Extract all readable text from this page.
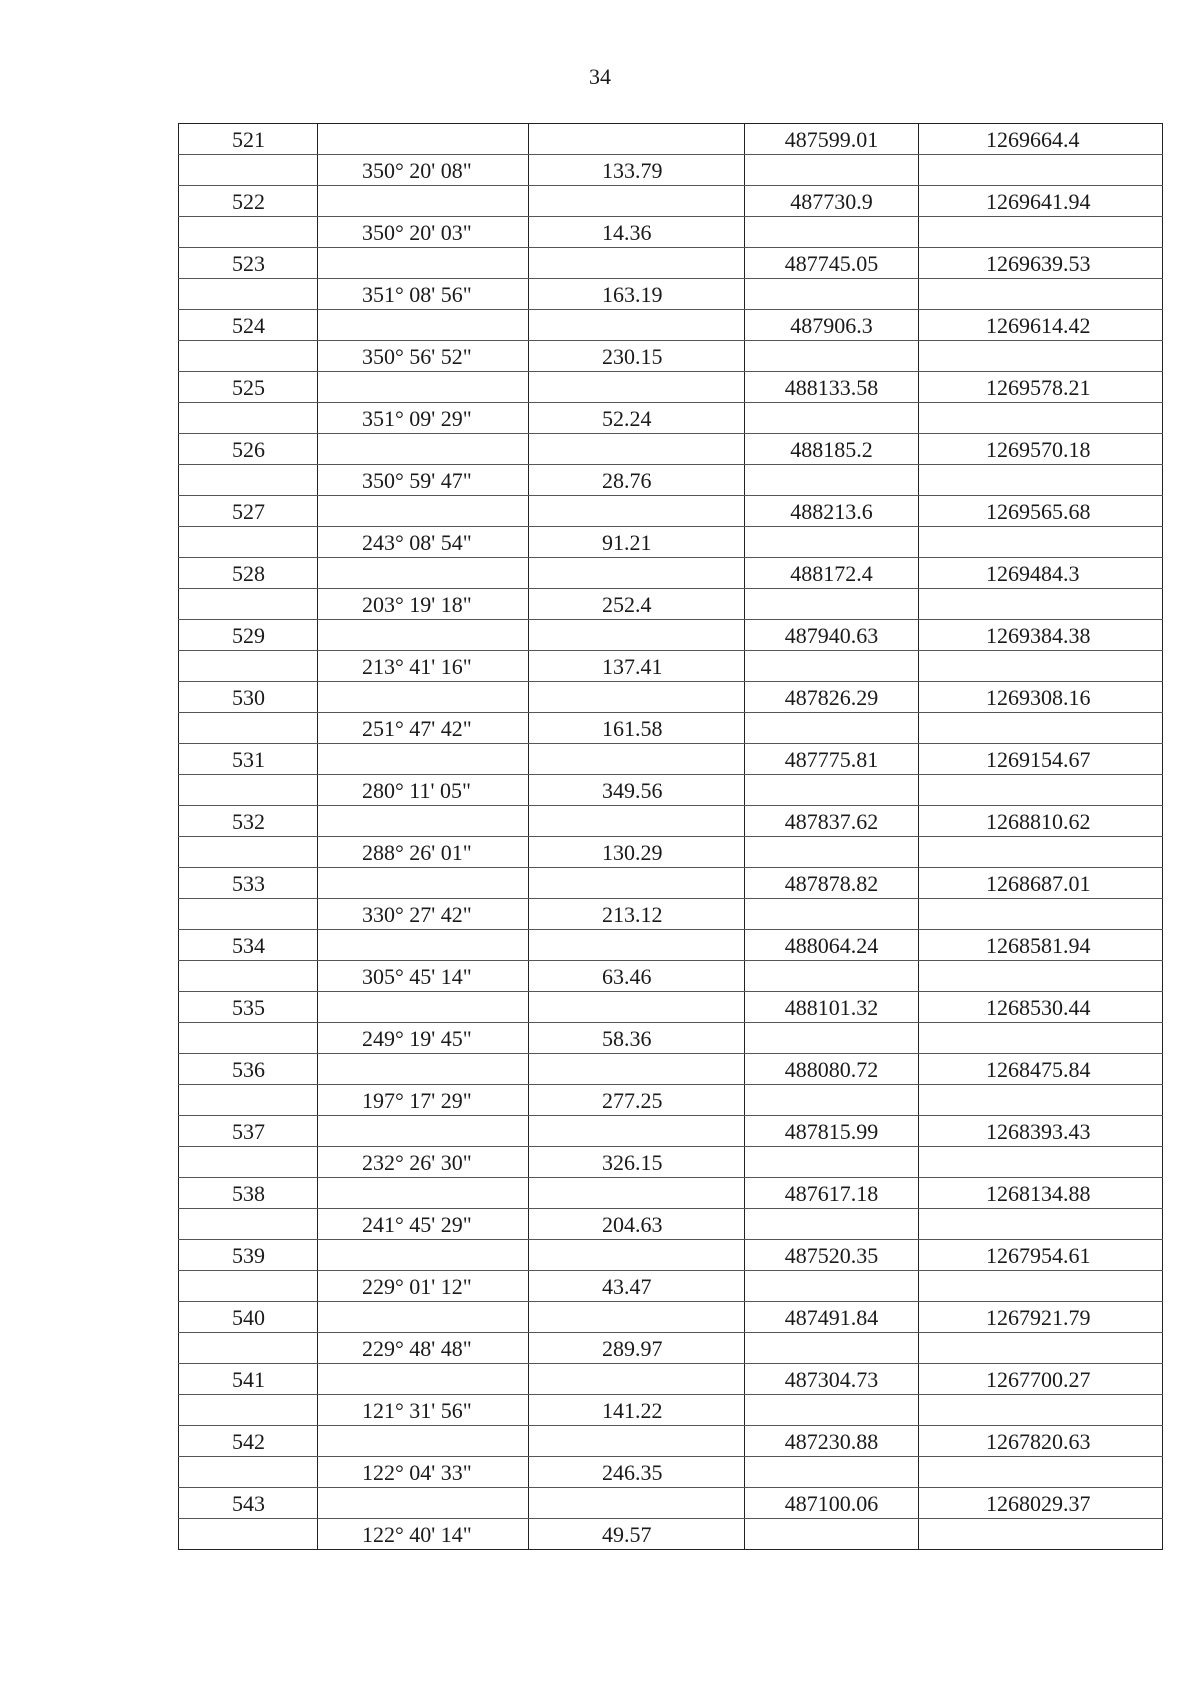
34
521			487599.01	1269664.4
	350° 20' 08"	133.79		
522			487730.9	1269641.94
	350° 20' 03"	14.36		
523			487745.05	1269639.53
	351° 08' 56"	163.19		
524			487906.3	1269614.42
	350° 56' 52"	230.15		
525			488133.58	1269578.21
	351° 09' 29"	52.24		
526			488185.2	1269570.18
	350° 59' 47"	28.76		
527			488213.6	1269565.68
	243° 08' 54"	91.21		
528			488172.4	1269484.3
	203° 19' 18"	252.4		
529			487940.63	1269384.38
	213° 41' 16"	137.41		
530			487826.29	1269308.16
	251° 47' 42"	161.58		
531			487775.81	1269154.67
	280° 11' 05"	349.56		
532			487837.62	1268810.62
	288° 26' 01"	130.29		
533			487878.82	1268687.01
	330° 27' 42"	213.12		
534			488064.24	1268581.94
	305° 45' 14"	63.46		
535			488101.32	1268530.44
	249° 19' 45"	58.36		
536			488080.72	1268475.84
	197° 17' 29"	277.25		
537			487815.99	1268393.43
	232° 26' 30"	326.15		
538			487617.18	1268134.88
	241° 45' 29"	204.63		
539			487520.35	1267954.61
	229° 01' 12"	43.47		
540			487491.84	1267921.79
	229° 48' 48"	289.97		
541			487304.73	1267700.27
	121° 31' 56"	141.22		
542			487230.88	1267820.63
	122° 04' 33"	246.35		
543			487100.06	1268029.37
	122° 40' 14"	49.57		
